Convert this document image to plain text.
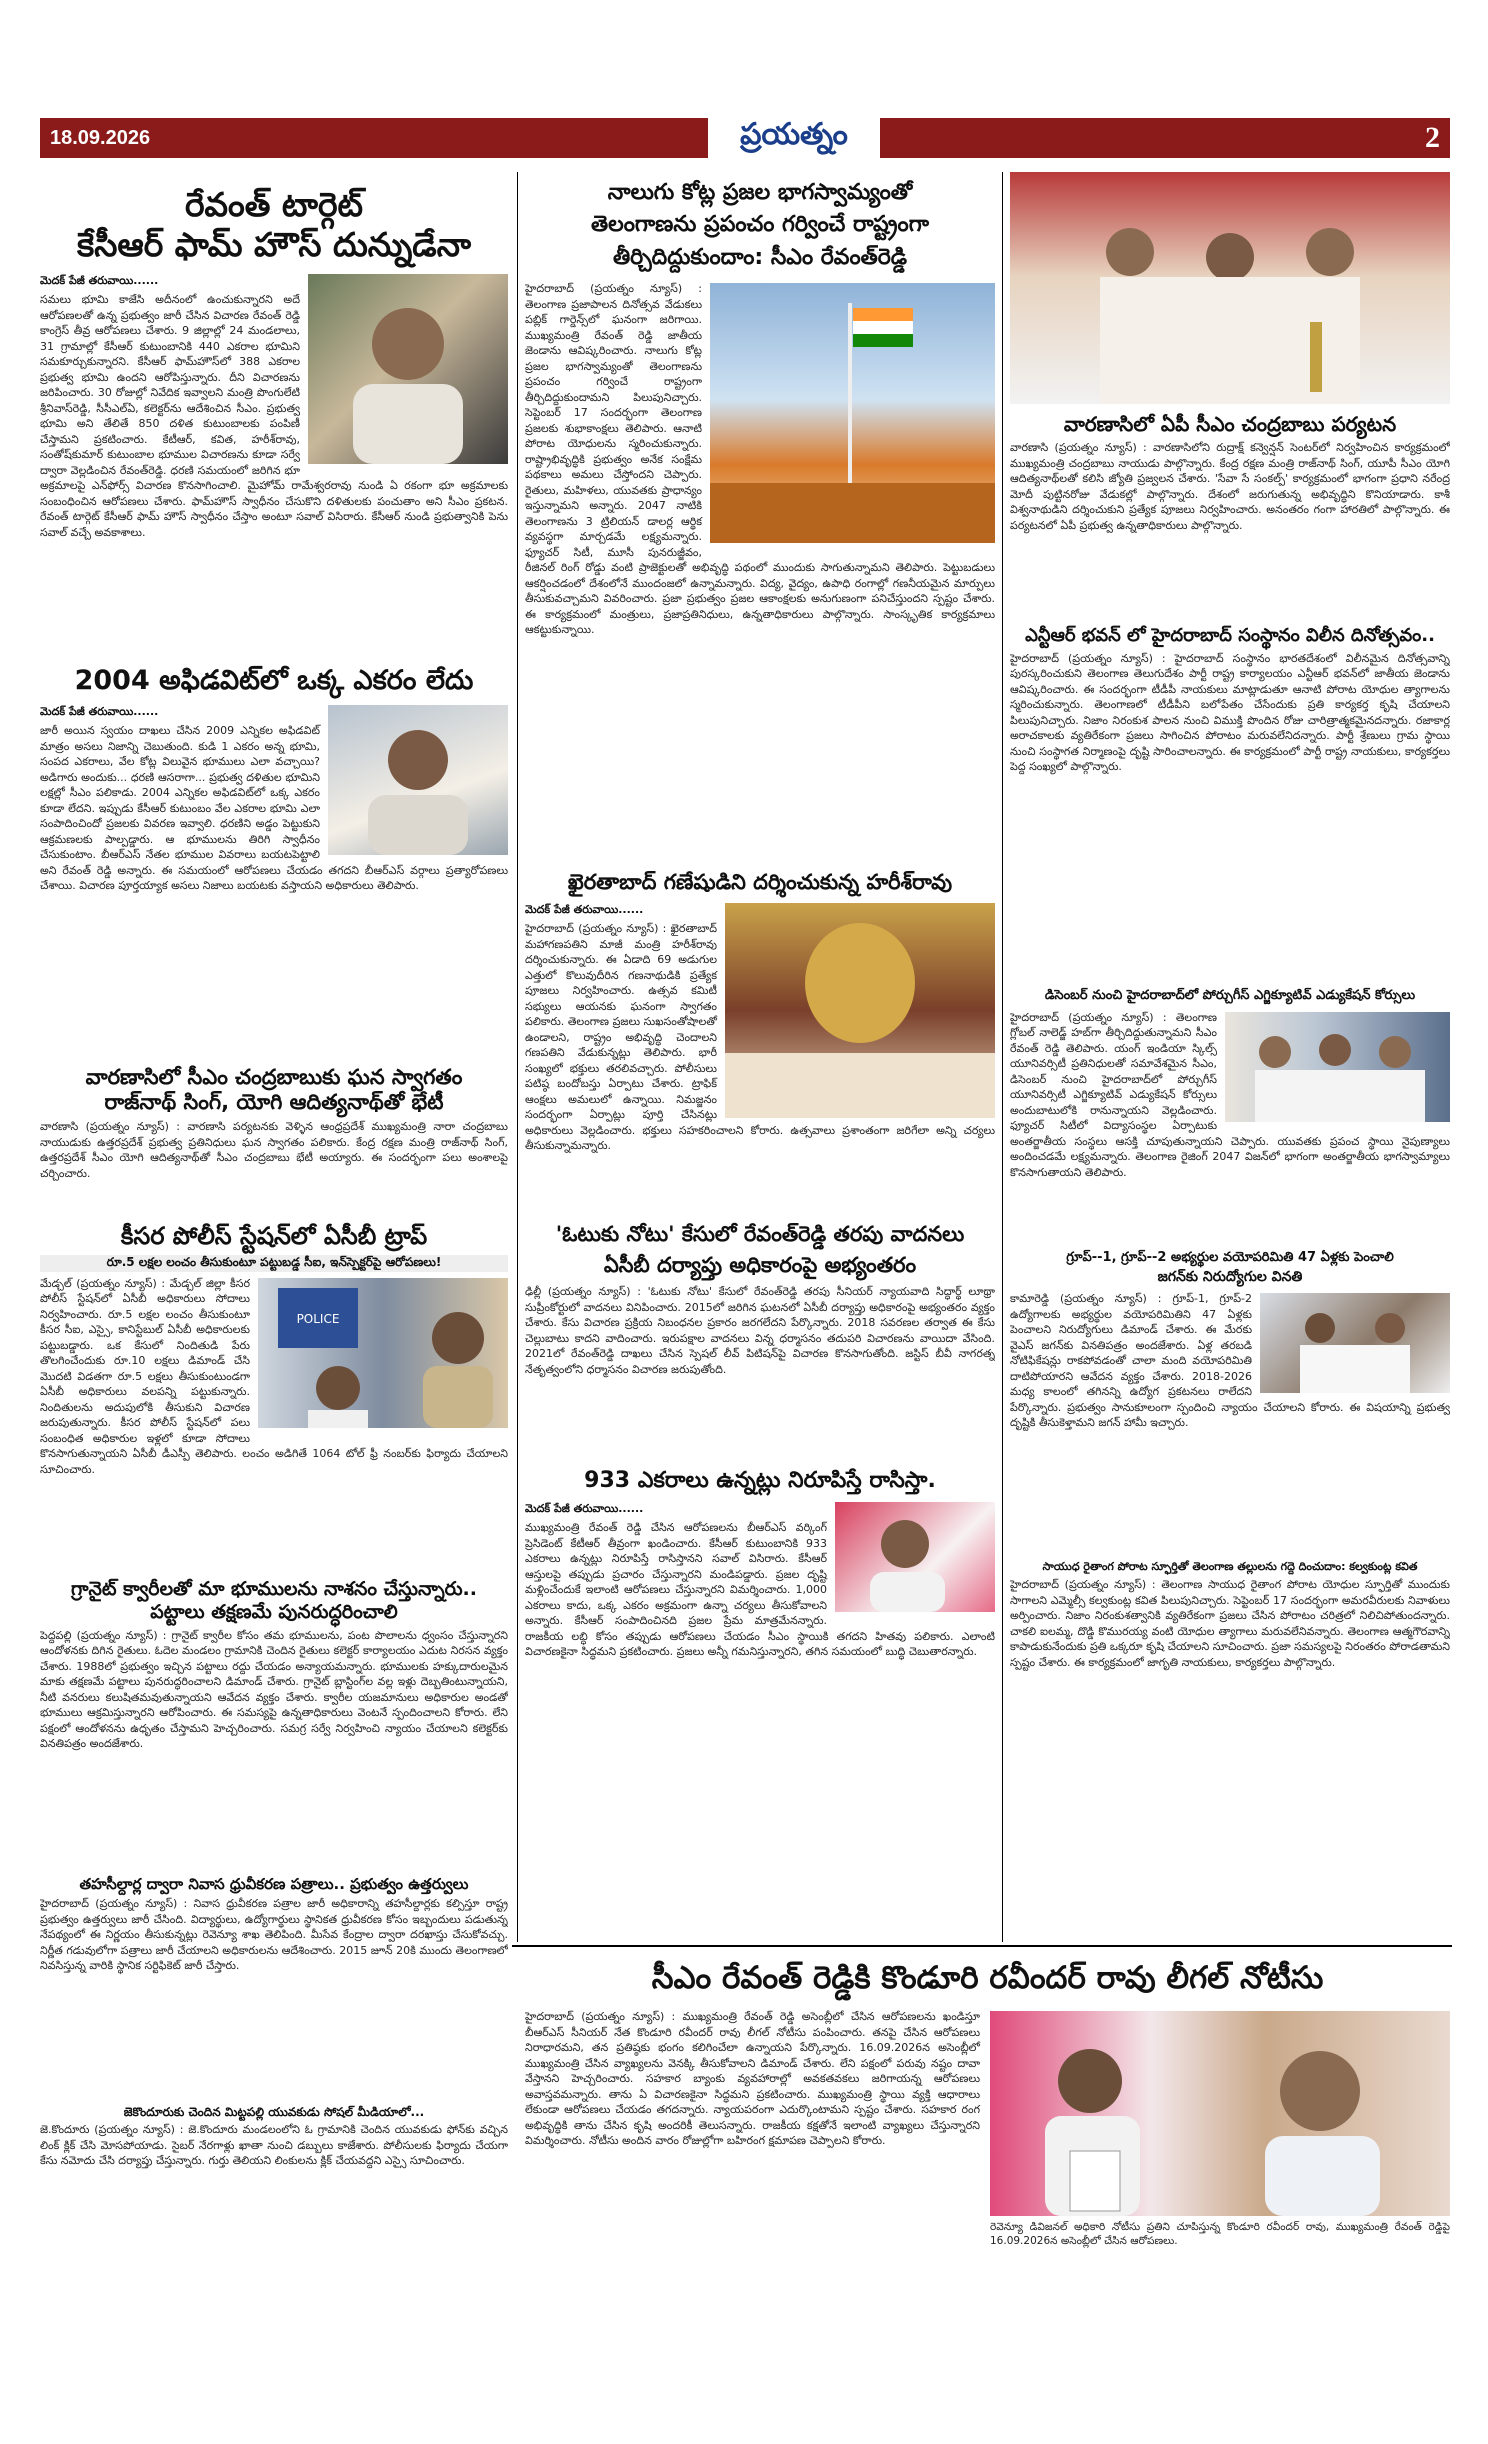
18.09.2026	ప్రయత్నం	2
రేవంత్ టార్గెట్
కేసీఆర్ ఫామ్ హౌస్ దున్నుడేనా
మెదక్ పేజీ తరువాయి......
సమలు భూమి కాజేసి అదీనంలో ఉంచుకున్నారని అదే ఆరోపణలతో ఉన్న ప్రభుత్వం జారీ చేసిన విచారణ రేవంత్ రెడ్డి కాంగ్రెస్ తీవ్ర ఆరోపణలు చేశారు. 9 జిల్లాల్లో 24 మండలాలు, 31 గ్రామాల్లో కేసీఆర్ కుటుంబానికి 440 ఎకరాల భూమిని సమకూర్చుకున్నారని. కేసీఆర్ ఫామ్‌హౌస్‌లో 388 ఎకరాల ప్రభుత్వ భూమి ఉందని ఆరోపిస్తున్నారు. దీని విచారణను జరిపించారు. 30 రోజుల్లో నివేదిక ఇవ్వాలని మంత్రి పొంగులేటి శ్రీనివాస్‌రెడ్డి, సీసీఎల్ఏ, కలెక్టర్‌ను ఆదేశించిన సీఎం. ప్రభుత్వ భూమి అని తేలితే 850 దళిత కుటుంబాలకు పంపిణీ చేస్తామని ప్రకటించారు. కేటీఆర్, కవిత, హరీశ్‌రావు, సంతోష్‌కుమార్ కుటుంబాల భూముల విచారణను కూడా సర్వే ద్వారా వెల్లడించిన రేవంత్‌రెడ్డి. ధరణి సమయంలో జరిగిన భూ అక్రమాలపై ఎన్‌ఫోర్స్ విచారణ కొనసాగించాలి. మైహోమ్ రామేశ్వరరావు నుండి ఏ రకంగా భూ అక్రమాలకు సంబంధించిన ఆరోపణలు చేశారు. ఫామ్‌హౌస్ స్వాధీనం చేసుకొని దళితులకు పంచుతాం అని సీఎం ప్రకటన. రేవంత్ టార్గెట్ కేసీఆర్ ఫామ్ హౌస్ స్వాధీనం చేస్తాం అంటూ సవాల్ విసిరారు. కేసీఆర్ నుండి ప్రభుత్వానికి పెను సవాల్ వచ్చే అవకాశాలు.
2004 అఫిడవిట్‌లో ఒక్క ఎకరం లేదు
మెదక్ పేజీ తరువాయి......
జారీ అయిన స్వయం దాఖలు చేసిన 2009 ఎన్నికల అఫిడవిట్ మాత్రం అసలు నిజాన్ని చెబుతుంది. కుడి 1 ఎకరం అన్న భూమి, సంపద ఎకరాలు, వేల కోట్ల విలువైన భూములు ఎలా వచ్చాయి? అడిగారు అందుకు... ధరణి ఆసరాగా... ప్రభుత్వ దళితుల భూమిని లక్షల్లో సీఎం పలికాడు. 2004 ఎన్నికల అఫిడవిట్‌లో ఒక్క ఎకరం కూడా లేదని. ఇప్పుడు కేసీఆర్ కుటుంబం వేల ఎకరాల భూమి ఎలా సంపాదించిందో ప్రజలకు వివరణ ఇవ్వాలి. ధరణిని అడ్డం పెట్టుకుని ఆక్రమణలకు పాల్పడ్డారు. ఆ భూములను తిరిగి స్వాధీనం చేసుకుంటాం. బీఆర్ఎస్ నేతల భూముల వివరాలు బయటపెట్టాలి అని రేవంత్ రెడ్డి అన్నారు. ఈ సమయంలో ఆరోపణలు చేయడం తగదని బీఆర్ఎస్ వర్గాలు ప్రత్యారోపణలు చేశాయి. విచారణ పూర్తయ్యాక అసలు నిజాలు బయటకు వస్తాయని అధికారులు తెలిపారు.
వారణాసిలో సీఎం చంద్రబాబుకు ఘన స్వాగతం
రాజ్‌నాథ్ సింగ్, యోగి ఆదిత్యనాథ్‌తో భేటీ
వారణాసి (ప్రయత్నం న్యూస్) : వారణాసి పర్యటనకు వెళ్ళిన ఆంధ్రప్రదేశ్ ముఖ్యమంత్రి నారా చంద్రబాబు నాయుడుకు ఉత్తరప్రదేశ్ ప్రభుత్వ ప్రతినిధులు ఘన స్వాగతం పలికారు. కేంద్ర రక్షణ మంత్రి రాజ్‌నాథ్ సింగ్, ఉత్తరప్రదేశ్ సీఎం యోగి ఆదిత్యనాథ్‌తో సీఎం చంద్రబాబు భేటీ అయ్యారు. ఈ సందర్భంగా పలు అంశాలపై చర్చించారు.
కీసర పోలీస్ స్టేషన్‌లో ఏసీబీ ట్రాప్
రూ.5 లక్షల లంచం తీసుకుంటూ పట్టుబడ్డ సీఐ, ఇన్‌స్పెక్టర్‌పై ఆరోపణలు!
POLICE
మేడ్చల్ (ప్రయత్నం న్యూస్) : మేడ్చల్ జిల్లా కీసర పోలీస్ స్టేషన్‌లో ఏసీబీ అధికారులు సోదాలు నిర్వహించారు. రూ.5 లక్షల లంచం తీసుకుంటూ కీసర సీఐ, ఎస్సై, కానిస్టేబుల్ ఏసీబీ అధికారులకు పట్టుబడ్డారు. ఒక కేసులో నిందితుడి పేరు తొలగించేందుకు రూ.10 లక్షలు డిమాండ్ చేసి మొదటి విడతగా రూ.5 లక్షలు తీసుకుంటుండగా ఏసీబీ అధికారులు వలపన్ని పట్టుకున్నారు. నిందితులను అదుపులోకి తీసుకుని విచారణ జరుపుతున్నారు. కీసర పోలీస్ స్టేషన్‌లో పలు సంబంధిత అధికారుల ఇళ్లలో కూడా సోదాలు కొనసాగుతున్నాయని ఏసీబీ డీఎస్పీ తెలిపారు. లంచం అడిగితే 1064 టోల్ ఫ్రీ నంబర్‌కు ఫిర్యాదు చేయాలని సూచించారు.
గ్రానైట్ క్వారీలతో మా భూములను నాశనం చేస్తున్నారు..
పట్టాలు తక్షణమే పునరుద్ధరించాలి
పెద్దపల్లి (ప్రయత్నం న్యూస్) : గ్రానైట్ క్వారీల కోసం తమ భూములను, పంట పొలాలను ధ్వంసం చేస్తున్నారని ఆందోళనకు దిగిన రైతులు. ఓదెల మండలం గ్రామానికి చెందిన రైతులు కలెక్టర్ కార్యాలయం ఎదుట నిరసన వ్యక్తం చేశారు. 1988లో ప్రభుత్వం ఇచ్చిన పట్టాలు రద్దు చేయడం అన్యాయమన్నారు. భూములకు హక్కుదారులమైన మాకు తక్షణమే పట్టాలు పునరుద్ధరించాలని డిమాండ్ చేశారు. గ్రానైట్ బ్లాస్టింగ్‌ల వల్ల ఇళ్లు దెబ్బతింటున్నాయని, నీటి వనరులు కలుషితమవుతున్నాయని ఆవేదన వ్యక్తం చేశారు. క్వారీల యజమానులు అధికారుల అండతో భూములు ఆక్రమిస్తున్నారని ఆరోపించారు. ఈ సమస్యపై ఉన్నతాధికారులు వెంటనే స్పందించాలని కోరారు. లేని పక్షంలో ఆందోళనను ఉధృతం చేస్తామని హెచ్చరించారు. సమగ్ర సర్వే నిర్వహించి న్యాయం చేయాలని కలెక్టర్‌కు వినతిపత్రం అందజేశారు.
తహసీల్దార్ల ద్వారా నివాస ధ్రువీకరణ పత్రాలు.. ప్రభుత్వం ఉత్తర్వులు
హైదరాబాద్ (ప్రయత్నం న్యూస్) : నివాస ధ్రువీకరణ పత్రాల జారీ అధికారాన్ని తహసీల్దార్లకు కల్పిస్తూ రాష్ట్ర ప్రభుత్వం ఉత్తర్వులు జారీ చేసింది. విద్యార్థులు, ఉద్యోగార్థులు స్థానికత ధ్రువీకరణ కోసం ఇబ్బందులు పడుతున్న నేపథ్యంలో ఈ నిర్ణయం తీసుకున్నట్లు రెవెన్యూ శాఖ తెలిపింది. మీసేవ కేంద్రాల ద్వారా దరఖాస్తు చేసుకోవచ్చు. నిర్ణీత గడువులోగా పత్రాలు జారీ చేయాలని అధికారులను ఆదేశించారు. 2015 జూన్ 20కి ముందు తెలంగాణలో నివసిస్తున్న వారికి స్థానిక సర్టిఫికెట్ జారీ చేస్తారు.
జెకొందూరుకు చెందిన మిట్టపల్లి యువకుడు సోషల్ మీడియాలో...
జె.కొందూరు (ప్రయత్నం న్యూస్) : జె.కొందూరు మండలంలోని ఓ గ్రామానికి చెందిన యువకుడు ఫోన్‌కు వచ్చిన లింక్ క్లిక్ చేసి మోసపోయాడు. సైబర్ నేరగాళ్లు ఖాతా నుంచి డబ్బులు కాజేశారు. పోలీసులకు ఫిర్యాదు చేయగా కేసు నమోదు చేసి దర్యాప్తు చేస్తున్నారు. గుర్తు తెలియని లింకులను క్లిక్ చేయవద్దని ఎస్సై సూచించారు.
నాలుగు కోట్ల ప్రజల భాగస్వామ్యంతో
తెలంగాణను ప్రపంచం గర్వించే రాష్ట్రంగా
తీర్చిదిద్దుకుందాం: సీఎం రేవంత్‌రెడ్డి
హైదరాబాద్ (ప్రయత్నం న్యూస్) : తెలంగాణ ప్రజాపాలన దినోత్సవ వేడుకలు పబ్లిక్ గార్డెన్స్‌లో ఘనంగా జరిగాయి. ముఖ్యమంత్రి రేవంత్ రెడ్డి జాతీయ జెండాను ఆవిష్కరించారు. నాలుగు కోట్ల ప్రజల భాగస్వామ్యంతో తెలంగాణను ప్రపంచం గర్వించే రాష్ట్రంగా తీర్చిదిద్దుకుందామని పిలుపునిచ్చారు. సెప్టెంబర్ 17 సందర్భంగా తెలంగాణ ప్రజలకు శుభాకాంక్షలు తెలిపారు. ఆనాటి పోరాట యోధులను స్మరించుకున్నారు. రాష్ట్రాభివృద్ధికి ప్రభుత్వం అనేక సంక్షేమ పథకాలు అమలు చేస్తోందని చెప్పారు. రైతులు, మహిళలు, యువతకు ప్రాధాన్యం ఇస్తున్నామని అన్నారు. 2047 నాటికి తెలంగాణను 3 ట్రిలియన్ డాలర్ల ఆర్థిక వ్యవస్థగా మార్చడమే లక్ష్యమన్నారు. ఫ్యూచర్ సిటీ, మూసీ పునరుజ్జీవం, రీజినల్ రింగ్ రోడ్డు వంటి ప్రాజెక్టులతో అభివృద్ధి పథంలో ముందుకు సాగుతున్నామని తెలిపారు. పెట్టుబడులు ఆకర్షించడంలో దేశంలోనే ముందంజలో ఉన్నామన్నారు. విద్య, వైద్యం, ఉపాధి రంగాల్లో గణనీయమైన మార్పులు తీసుకువచ్చామని వివరించారు. ప్రజా ప్రభుత్వం ప్రజల ఆకాంక్షలకు అనుగుణంగా పనిచేస్తుందని స్పష్టం చేశారు. ఈ కార్యక్రమంలో మంత్రులు, ప్రజాప్రతినిధులు, ఉన్నతాధికారులు పాల్గొన్నారు. సాంస్కృతిక కార్యక్రమాలు ఆకట్టుకున్నాయి.
ఖైరతాబాద్ గణేషుడిని దర్శించుకున్న హరీశ్‌రావు
మెదక్ పేజీ తరువాయి......
హైదరాబాద్ (ప్రయత్నం న్యూస్) : ఖైరతాబాద్ మహాగణపతిని మాజీ మంత్రి హరీశ్‌రావు దర్శించుకున్నారు. ఈ ఏడాది 69 అడుగుల ఎత్తులో కొలువుదీరిన గణనాథుడికి ప్రత్యేక పూజలు నిర్వహించారు. ఉత్సవ కమిటీ సభ్యులు ఆయనకు ఘనంగా స్వాగతం పలికారు. తెలంగాణ ప్రజలు సుఖసంతోషాలతో ఉండాలని, రాష్ట్రం అభివృద్ధి చెందాలని గణపతిని వేడుకున్నట్లు తెలిపారు. భారీ సంఖ్యలో భక్తులు తరలివచ్చారు. పోలీసులు పటిష్ఠ బందోబస్తు ఏర్పాటు చేశారు. ట్రాఫిక్ ఆంక్షలు అమలులో ఉన్నాయి. నిమజ్జనం సందర్భంగా ఏర్పాట్లు పూర్తి చేసినట్లు అధికారులు వెల్లడించారు. భక్తులు సహకరించాలని కోరారు. ఉత్సవాలు ప్రశాంతంగా జరిగేలా అన్ని చర్యలు తీసుకున్నామన్నారు.
'ఓటుకు నోటు' కేసులో రేవంత్‌రెడ్డి తరపు వాదనలు
ఏసీబీ దర్యాప్తు అధికారంపై అభ్యంతరం
ఢిల్లీ (ప్రయత్నం న్యూస్) : 'ఓటుకు నోటు' కేసులో రేవంత్‌రెడ్డి తరపు సీనియర్ న్యాయవాది సిద్ధార్థ్ లూథ్రా సుప్రీంకోర్టులో వాదనలు వినిపించారు. 2015లో జరిగిన ఘటనలో ఏసీబీ దర్యాప్తు అధికారంపై అభ్యంతరం వ్యక్తం చేశారు. కేసు విచారణ ప్రక్రియ నిబంధనల ప్రకారం జరగలేదని పేర్కొన్నారు. 2018 సవరణల తర్వాత ఈ కేసు చెల్లుబాటు కాదని వాదించారు. ఇరుపక్షాల వాదనలు విన్న ధర్మాసనం తదుపరి విచారణను వాయిదా వేసింది. 2021లో రేవంత్‌రెడ్డి దాఖలు చేసిన స్పెషల్ లీవ్ పిటిషన్‌పై విచారణ కొనసాగుతోంది. జస్టిస్ బీవీ నాగరత్న నేతృత్వంలోని ధర్మాసనం విచారణ జరుపుతోంది.
933 ఎకరాలు ఉన్నట్లు నిరూపిస్తే రాసిస్తా.
మెదక్ పేజీ తరువాయి......
ముఖ్యమంత్రి రేవంత్ రెడ్డి చేసిన ఆరోపణలను బీఆర్ఎస్ వర్కింగ్ ప్రెసిడెంట్ కేటీఆర్ తీవ్రంగా ఖండించారు. కేసీఆర్ కుటుంబానికి 933 ఎకరాలు ఉన్నట్లు నిరూపిస్తే రాసిస్తానని సవాల్ విసిరారు. కేసీఆర్ ఆస్తులపై తప్పుడు ప్రచారం చేస్తున్నారని మండిపడ్డారు. ప్రజల దృష్టి మళ్లించేందుకే ఇలాంటి ఆరోపణలు చేస్తున్నారని విమర్శించారు. 1,000 ఎకరాలు కాదు, ఒక్క ఎకరం అక్రమంగా ఉన్నా చర్యలు తీసుకోవాలని అన్నారు. కేసీఆర్ సంపాదించినది ప్రజల ప్రేమ మాత్రమేనన్నారు. రాజకీయ లబ్ధి కోసం తప్పుడు ఆరోపణలు చేయడం సీఎం స్థాయికి తగదని హితవు పలికారు. ఎలాంటి విచారణకైనా సిద్ధమని ప్రకటించారు. ప్రజలు అన్నీ గమనిస్తున్నారని, తగిన సమయంలో బుద్ధి చెబుతారన్నారు.
వారణాసిలో ఏపీ సీఎం చంద్రబాబు పర్యటన
వారణాసి (ప్రయత్నం న్యూస్) : వారణాసిలోని రుద్రాక్ష్ కన్వెన్షన్ సెంటర్‌లో నిర్వహించిన కార్యక్రమంలో ముఖ్యమంత్రి చంద్రబాబు నాయుడు పాల్గొన్నారు. కేంద్ర రక్షణ మంత్రి రాజ్‌నాథ్ సింగ్, యూపీ సీఎం యోగి ఆదిత్యనాథ్‌లతో కలిసి జ్యోతి ప్రజ్వలన చేశారు. 'సేవా సే సంకల్ప్' కార్యక్రమంలో భాగంగా ప్రధాని నరేంద్ర మోదీ పుట్టినరోజు వేడుకల్లో పాల్గొన్నారు. దేశంలో జరుగుతున్న అభివృద్ధిని కొనియాడారు. కాశీ విశ్వనాథుడిని దర్శించుకుని ప్రత్యేక పూజలు నిర్వహించారు. అనంతరం గంగా హారతిలో పాల్గొన్నారు. ఈ పర్యటనలో ఏపీ ప్రభుత్వ ఉన్నతాధికారులు పాల్గొన్నారు.
ఎన్టీఆర్ భవన్ లో హైదరాబాద్ సంస్థానం విలీన దినోత్సవం..
హైదరాబాద్ (ప్రయత్నం న్యూస్) : హైదరాబాద్ సంస్థానం భారతదేశంలో విలీనమైన దినోత్సవాన్ని పురస్కరించుకుని తెలంగాణ తెలుగుదేశం పార్టీ రాష్ట్ర కార్యాలయం ఎన్టీఆర్ భవన్‌లో జాతీయ జెండాను ఆవిష్కరించారు. ఈ సందర్భంగా టీడీపీ నాయకులు మాట్లాడుతూ ఆనాటి పోరాట యోధుల త్యాగాలను స్మరించుకున్నారు. తెలంగాణలో టీడీపీని బలోపేతం చేసేందుకు ప్రతి కార్యకర్త కృషి చేయాలని పిలుపునిచ్చారు. నిజాం నిరంకుశ పాలన నుంచి విముక్తి పొందిన రోజు చారిత్రాత్మకమైనదన్నారు. రజాకార్ల అరాచకాలకు వ్యతిరేకంగా ప్రజలు సాగించిన పోరాటం మరువలేనిదన్నారు. పార్టీ శ్రేణులు గ్రామ స్థాయి నుంచి సంస్థాగత నిర్మాణంపై దృష్టి సారించాలన్నారు. ఈ కార్యక్రమంలో పార్టీ రాష్ట్ర నాయకులు, కార్యకర్తలు పెద్ద సంఖ్యలో పాల్గొన్నారు.
డిసెంబర్ నుంచి హైదరాబాద్‌లో పోర్చుగీస్ ఎగ్జిక్యూటివ్ ఎడ్యుకేషన్ కోర్సులు
హైదరాబాద్ (ప్రయత్నం న్యూస్) : తెలంగాణ గ్లోబల్ నాలెడ్జ్ హబ్‌గా తీర్చిదిద్దుతున్నామని సీఎం రేవంత్ రెడ్డి తెలిపారు. యంగ్ ఇండియా స్కిల్స్ యూనివర్సిటీ ప్రతినిధులతో సమావేశమైన సీఎం, డిసెంబర్ నుంచి హైదరాబాద్‌లో పోర్చుగీస్ యూనివర్సిటీ ఎగ్జిక్యూటివ్ ఎడ్యుకేషన్ కోర్సులు అందుబాటులోకి రానున్నాయని వెల్లడించారు. ఫ్యూచర్ సిటీలో విద్యాసంస్థల ఏర్పాటుకు అంతర్జాతీయ సంస్థలు ఆసక్తి చూపుతున్నాయని చెప్పారు. యువతకు ప్రపంచ స్థాయి నైపుణ్యాలు అందించడమే లక్ష్యమన్నారు. తెలంగాణ రైజింగ్ 2047 విజన్‌లో భాగంగా అంతర్జాతీయ భాగస్వామ్యాలు కొనసాగుతాయని తెలిపారు.
గ్రూప్--1, గ్రూప్--2 అభ్యర్థుల వయోపరిమితి 47 ఏళ్లకు పెంచాలి
జగన్‌కు నిరుద్యోగుల వినతి
కామారెడ్డి (ప్రయత్నం న్యూస్) : గ్రూప్-1, గ్రూప్-2 ఉద్యోగాలకు అభ్యర్థుల వయోపరిమితిని 47 ఏళ్లకు పెంచాలని నిరుద్యోగులు డిమాండ్ చేశారు. ఈ మేరకు వైఎస్ జగన్‌కు వినతిపత్రం అందజేశారు. ఏళ్ల తరబడి నోటిఫికేషన్లు రాకపోవడంతో చాలా మంది వయోపరిమితి దాటిపోయారని ఆవేదన వ్యక్తం చేశారు. 2018-2026 మధ్య కాలంలో తగినన్ని ఉద్యోగ ప్రకటనలు రాలేదని పేర్కొన్నారు. ప్రభుత్వం సానుకూలంగా స్పందించి న్యాయం చేయాలని కోరారు. ఈ విషయాన్ని ప్రభుత్వ దృష్టికి తీసుకెళ్తామని జగన్ హామీ ఇచ్చారు.
సాయుధ రైతాంగ పోరాట స్ఫూర్తితో తెలంగాణ తల్లులను గద్దె దించుదాం: కల్వకుంట్ల కవిత
హైదరాబాద్ (ప్రయత్నం న్యూస్) : తెలంగాణ సాయుధ రైతాంగ పోరాట యోధుల స్ఫూర్తితో ముందుకు సాగాలని ఎమ్మెల్సీ కల్వకుంట్ల కవిత పిలుపునిచ్చారు. సెప్టెంబర్ 17 సందర్భంగా అమరవీరులకు నివాళులు అర్పించారు. నిజాం నిరంకుశత్వానికి వ్యతిరేకంగా ప్రజలు చేసిన పోరాటం చరిత్రలో నిలిచిపోతుందన్నారు. చాకలి ఐలమ్మ, దొడ్డి కొమురయ్య వంటి యోధుల త్యాగాలు మరువలేనివన్నారు. తెలంగాణ ఆత్మగౌరవాన్ని కాపాడుకునేందుకు ప్రతి ఒక్కరూ కృషి చేయాలని సూచించారు. ప్రజా సమస్యలపై నిరంతరం పోరాడతామని స్పష్టం చేశారు. ఈ కార్యక్రమంలో జాగృతి నాయకులు, కార్యకర్తలు పాల్గొన్నారు.
సీఎం రేవంత్ రెడ్డికి కొండూరి రవీందర్ రావు లీగల్ నోటీసు
రెవెన్యూ డివిజనల్ అధికారి నోటీసు ప్రతిని చూపిస్తున్న కొండూరి రవీందర్ రావు, ముఖ్యమంత్రి రేవంత్ రెడ్డిపై 16.09.2026న అసెంబ్లీలో చేసిన ఆరోపణలు.
హైదరాబాద్ (ప్రయత్నం న్యూస్) : ముఖ్యమంత్రి రేవంత్ రెడ్డి అసెంబ్లీలో చేసిన ఆరోపణలను ఖండిస్తూ బీఆర్ఎస్ సీనియర్ నేత కొండూరి రవీందర్ రావు లీగల్ నోటీసు పంపించారు. తనపై చేసిన ఆరోపణలు నిరాధారమని, తన ప్రతిష్ఠకు భంగం కలిగించేలా ఉన్నాయని పేర్కొన్నారు. 16.09.2026న అసెంబ్లీలో ముఖ్యమంత్రి చేసిన వ్యాఖ్యలను వెనక్కి తీసుకోవాలని డిమాండ్ చేశారు. లేని పక్షంలో పరువు నష్టం దావా వేస్తానని హెచ్చరించారు. సహకార బ్యాంకు వ్యవహారాల్లో అవకతవకలు జరిగాయన్న ఆరోపణలు అవాస్తవమన్నారు. తాను ఏ విచారణకైనా సిద్ధమని ప్రకటించారు. ముఖ్యమంత్రి స్థాయి వ్యక్తి ఆధారాలు లేకుండా ఆరోపణలు చేయడం తగదన్నారు. న్యాయపరంగా ఎదుర్కొంటామని స్పష్టం చేశారు. సహకార రంగ అభివృద్ధికి తాను చేసిన కృషి అందరికీ తెలుసన్నారు. రాజకీయ కక్షతోనే ఇలాంటి వ్యాఖ్యలు చేస్తున్నారని విమర్శించారు. నోటీసు అందిన వారం రోజుల్లోగా బహిరంగ క్షమాపణ చెప్పాలని కోరారు.
